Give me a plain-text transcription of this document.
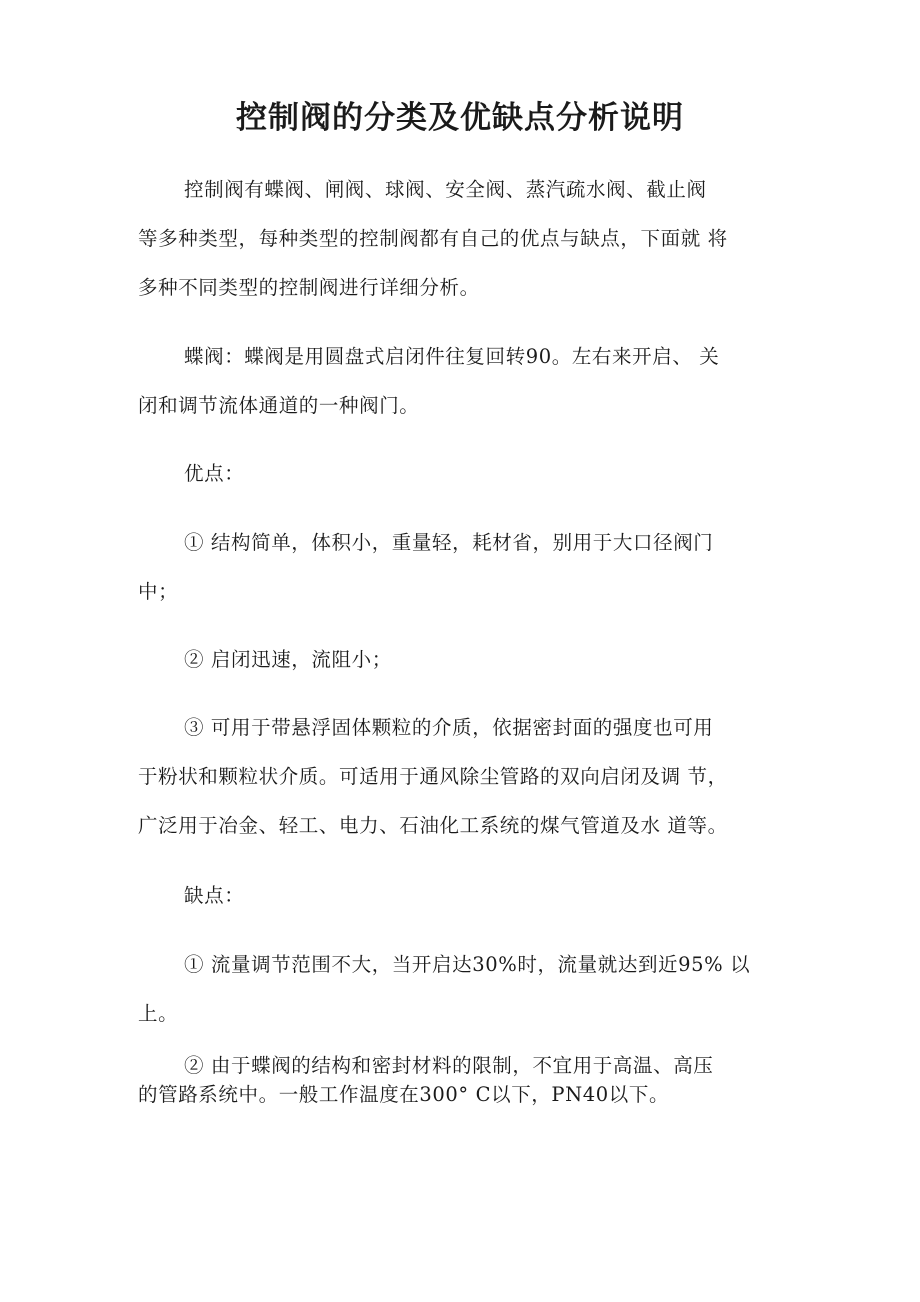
控制阀的分类及优缺点分析说明
控制阀有蝶阀、闸阀、球阀、安全阀、蒸汽疏水阀、截止阀
等多种类型，每种类型的控制阀都有自己的优点与缺点，下面就 将
多种不同类型的控制阀进行详细分析。
蝶阀：蝶阀是用圆盘式启闭件往复回转90。左右来开启、 关
闭和调节流体通道的一种阀门。
优点：
① 结构简单，体积小，重量轻，耗材省，别用于大口径阀门
中；
② 启闭迅速，流阻小；
③ 可用于带悬浮固体颗粒的介质，依据密封面的强度也可用
于粉状和颗粒状介质。可适用于通风除尘管路的双向启闭及调 节，
广泛用于冶金、轻工、电力、石油化工系统的煤气管道及水 道等。
缺点：
① 流量调节范围不大，当开启达30%时，流量就达到近95% 以
上。
② 由于蝶阀的结构和密封材料的限制，不宜用于高温、高压
的管路系统中。一般工作温度在300° C以下，PN40以下。
